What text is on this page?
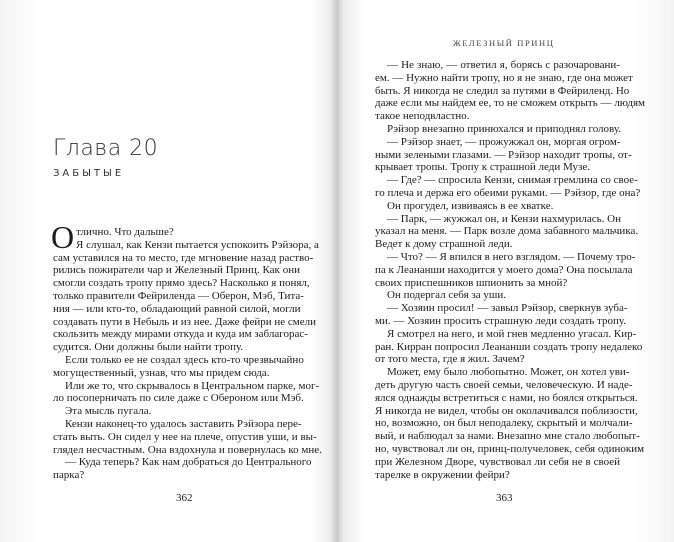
Глава 20
ЗАБЫТЫЕ
О тлично. Что дальше?
Я слушал, как Кензи пытается успокоить Рэйзора, а
сам уставился на то место, где мгновение назад раство-
рились пожиратели чар и Железный Принц. Как они
смогли создать тропу прямо здесь? Насколько я понял,
только правители Фейриленда — Оберон, Мэб, Тита-
ния — или кто-то, обладающий равной силой, могли
создавать пути в Небыль и из нее. Даже фейри не смели
скользить между мирами откуда и куда им заблагорас-
судится. Они должны были найти тропу.
Если только ее не создал здесь кто-то чрезвычайно
могущественный, узнав, что мы придем сюда.
Или же то, что скрывалось в Центральном парке, мог-
ло посоперничать по силе даже с Обероном или Мэб.
Эта мысль пугала.
Кензи наконец-то удалось заставить Рэйзора пере-
стать выть. Он сидел у нее на плече, опустив уши, и вы-
глядел несчастным. Она вздохнула и повернулась ко мне.
— Куда теперь? Как нам добраться до Центрального
парка?
362
ЖЕЛЕЗНЫЙ ПРИНЦ
— Не знаю, — ответил я, борясь с разочаровани-
ем. — Нужно найти тропу, но я не знаю, где она может
быть. Я никогда не следил за путями в Фейриленд. Но
даже если мы найдем ее, то не сможем открыть — людям
такое неподвластно.
Рэйзор внезапно принюхался и приподнял голову.
— Рэйзор знает, — прожужжал он, моргая огром-
ными зелеными глазами. — Рэйзор находит тропы, от-
крывает тропы. Тропу к страшной леди Музе.
— Где? — спросила Кензи, снимая гремлина со свое-
го плеча и держа его обеими руками. — Рэйзор, где она?
Он прогудел, извиваясь в ее хватке.
— Парк, — жужжал он, и Кензи нахмурилась. Он
указал на меня. — Парк возле дома забавного мальчика.
Ведет к дому страшной леди.
— Что? — Я впился в него взглядом. — Почему тро-
па к Леананши находится у моего дома? Она посылала
своих приспешников шпионить за мной?
Он подергал себя за уши.
— Хозяин просил! — завыл Рэйзор, сверкнув зуба-
ми. — Хозяин просить страшную леди создать тропу.
Я смотрел на него, и мой гнев медленно угасал. Кир-
ран. Кирран попросил Леананши создать тропу недалеко
от того места, где я жил. Зачем?
Может, ему было любопытно. Может, он хотел уви-
деть другую часть своей семьи, человеческую. И наде-
ялся однажды встретиться с нами, но боялся открыться.
Я никогда не видел, чтобы он околачивался поблизости,
но, возможно, он был неподалеку, скрытый и молчали-
вый, и наблюдал за нами. Внезапно мне стало любопыт-
но, чувствовал ли он, принц-получеловек, себя одиноким
при Железном Дворе, чувствовал ли себя не в своей
тарелке в окружении фейри?
363
